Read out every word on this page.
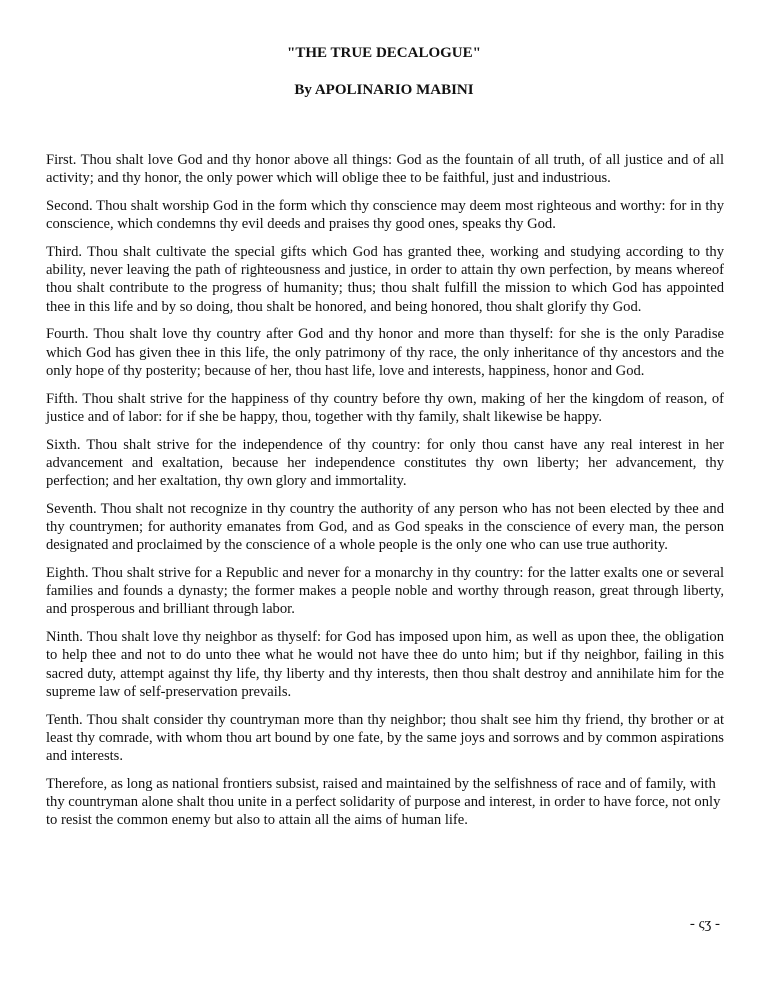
"THE TRUE DECALOGUE"
By APOLINARIO MABINI

First. Thou shalt love God and thy honor above all things: God as the fountain of all truth, of all justice and of all activity; and thy honor, the only power which will oblige thee to be faithful, just and industrious.

Second. Thou shalt worship God in the form which thy conscience may deem most righteous and worthy: for in thy conscience, which condemns thy evil deeds and praises thy good ones, speaks thy God.

Third. Thou shalt cultivate the special gifts which God has granted thee, working and studying according to thy ability, never leaving the path of righteousness and justice, in order to attain thy own perfection, by means whereof thou shalt contribute to the progress of humanity; thus; thou shalt fulfill the mission to which God has appointed thee in this life and by so doing, thou shalt be honored, and being honored, thou shalt glorify thy God.

Fourth. Thou shalt love thy country after God and thy honor and more than thyself: for she is the only Paradise which God has given thee in this life, the only patrimony of thy race, the only inheritance of thy ancestors and the only hope of thy posterity; because of her, thou hast life, love and interests, happiness, honor and God.

Fifth. Thou shalt strive for the happiness of thy country before thy own, making of her the kingdom of reason, of justice and of labor: for if she be happy, thou, together with thy family, shalt likewise be happy.

Sixth. Thou shalt strive for the independence of thy country: for only thou canst have any real interest in her advancement and exaltation, because her independence constitutes thy own liberty; her advancement, thy perfection; and her exaltation, thy own glory and immortality.

Seventh. Thou shalt not recognize in thy country the authority of any person who has not been elected by thee and thy countrymen; for authority emanates from God, and as God speaks in the conscience of every man, the person designated and proclaimed by the conscience of a whole people is the only one who can use true authority.

Eighth. Thou shalt strive for a Republic and never for a monarchy in thy country: for the latter exalts one or several families and founds a dynasty; the former makes a people noble and worthy through reason, great through liberty, and prosperous and brilliant through labor.

Ninth. Thou shalt love thy neighbor as thyself: for God has imposed upon him, as well as upon thee, the obligation to help thee and not to do unto thee what he would not have thee do unto him; but if thy neighbor, failing in this sacred duty, attempt against thy life, thy liberty and thy interests, then thou shalt destroy and annihilate him for the supreme law of self-preservation prevails.

Tenth. Thou shalt consider thy countryman more than thy neighbor; thou shalt see him thy friend, thy brother or at least thy comrade, with whom thou art bound by one fate, by the same joys and sorrows and by common aspirations and interests.

Therefore, as long as national frontiers subsist, raised and maintained by the selfishness of race and of family, with thy countryman alone shalt thou unite in a perfect solidarity of purpose and interest, in order to have force, not only to resist the common enemy but also to attain all the aims of human life.

- ςʒ -
